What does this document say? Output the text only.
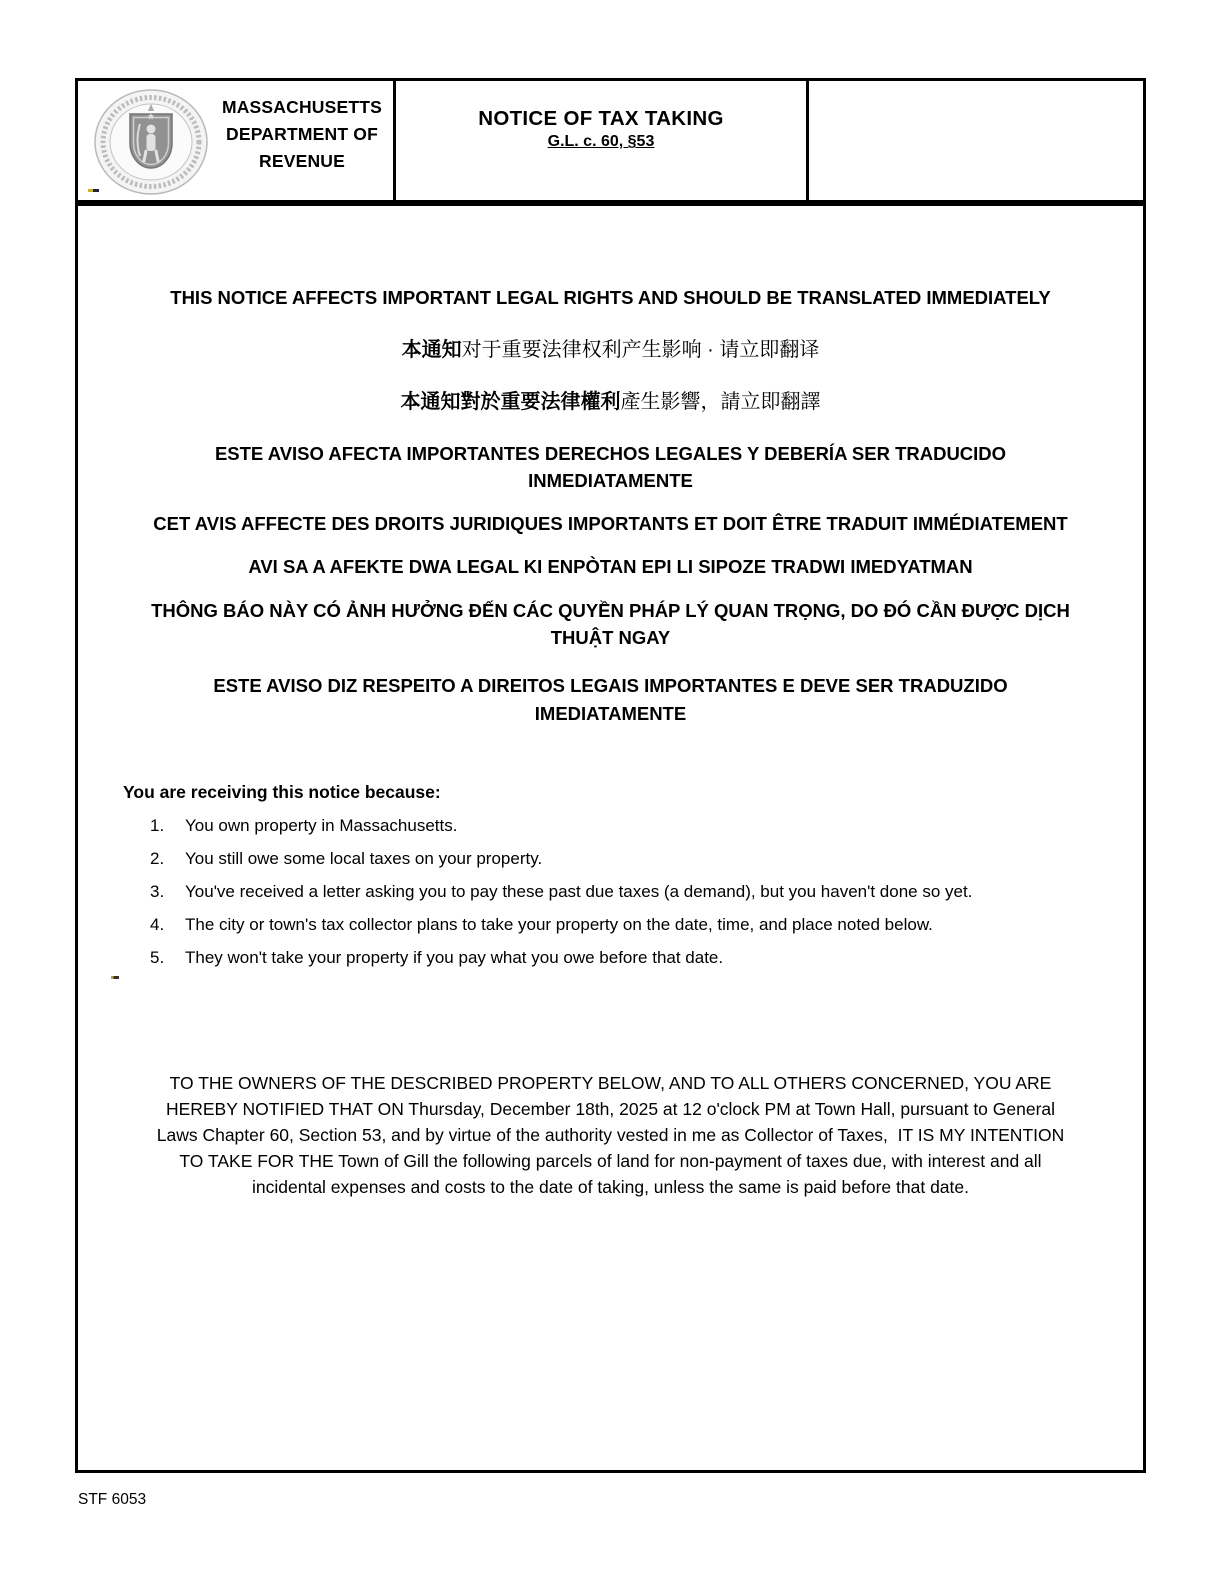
MASSACHUSETTS
DEPARTMENT OF
REVENUE
NOTICE OF TAX TAKING
G.L. c. 60, §53
THIS NOTICE AFFECTS IMPORTANT LEGAL RIGHTS AND SHOULD BE TRANSLATED IMMEDIATELY
本通知对于重要法律权利产生影响 · 请立即翻译
本通知對於重要法律權利產生影響，請立即翻譯
ESTE AVISO AFECTA IMPORTANTES DERECHOS LEGALES Y DEBERÍA SER TRADUCIDO
INMEDIATAMENTE
CET AVIS AFFECTE DES DROITS JURIDIQUES IMPORTANTS ET DOIT ÊTRE TRADUIT IMMÉDIATEMENT
AVI SA A AFEKTE DWA LEGAL KI ENPÒTAN EPI LI SIPOZE TRADWI IMEDYATMAN
THÔNG BÁO NÀY CÓ ẢNH HƯỞNG ĐẾN CÁC QUYỀN PHÁP LÝ QUAN TRỌNG, DO ĐÓ CẦN ĐƯỢC DỊCH
THUẬT NGAY
ESTE AVISO DIZ RESPEITO A DIREITOS LEGAIS IMPORTANTES E DEVE SER TRADUZIDO
IMEDIATAMENTE
You are receiving this notice because:
1.	You own property in Massachusetts.
2.	You still owe some local taxes on your property.
3.	You've received a letter asking you to pay these past due taxes (a demand), but you haven't done so yet.
4.	The city or town's tax collector plans to take your property on the date, time, and place noted below.
5.	They won't take your property if you pay what you owe before that date.
TO THE OWNERS OF THE DESCRIBED PROPERTY BELOW, AND TO ALL OTHERS CONCERNED, YOU ARE
HEREBY NOTIFIED THAT ON Thursday, December 18th, 2025 at 12 o'clock PM at Town Hall, pursuant to General
Laws Chapter 60, Section 53, and by virtue of the authority vested in me as Collector of Taxes,  IT IS MY INTENTION
TO TAKE FOR THE Town of Gill the following parcels of land for non-payment of taxes due, with interest and all
incidental expenses and costs to the date of taking, unless the same is paid before that date.
STF 6053
